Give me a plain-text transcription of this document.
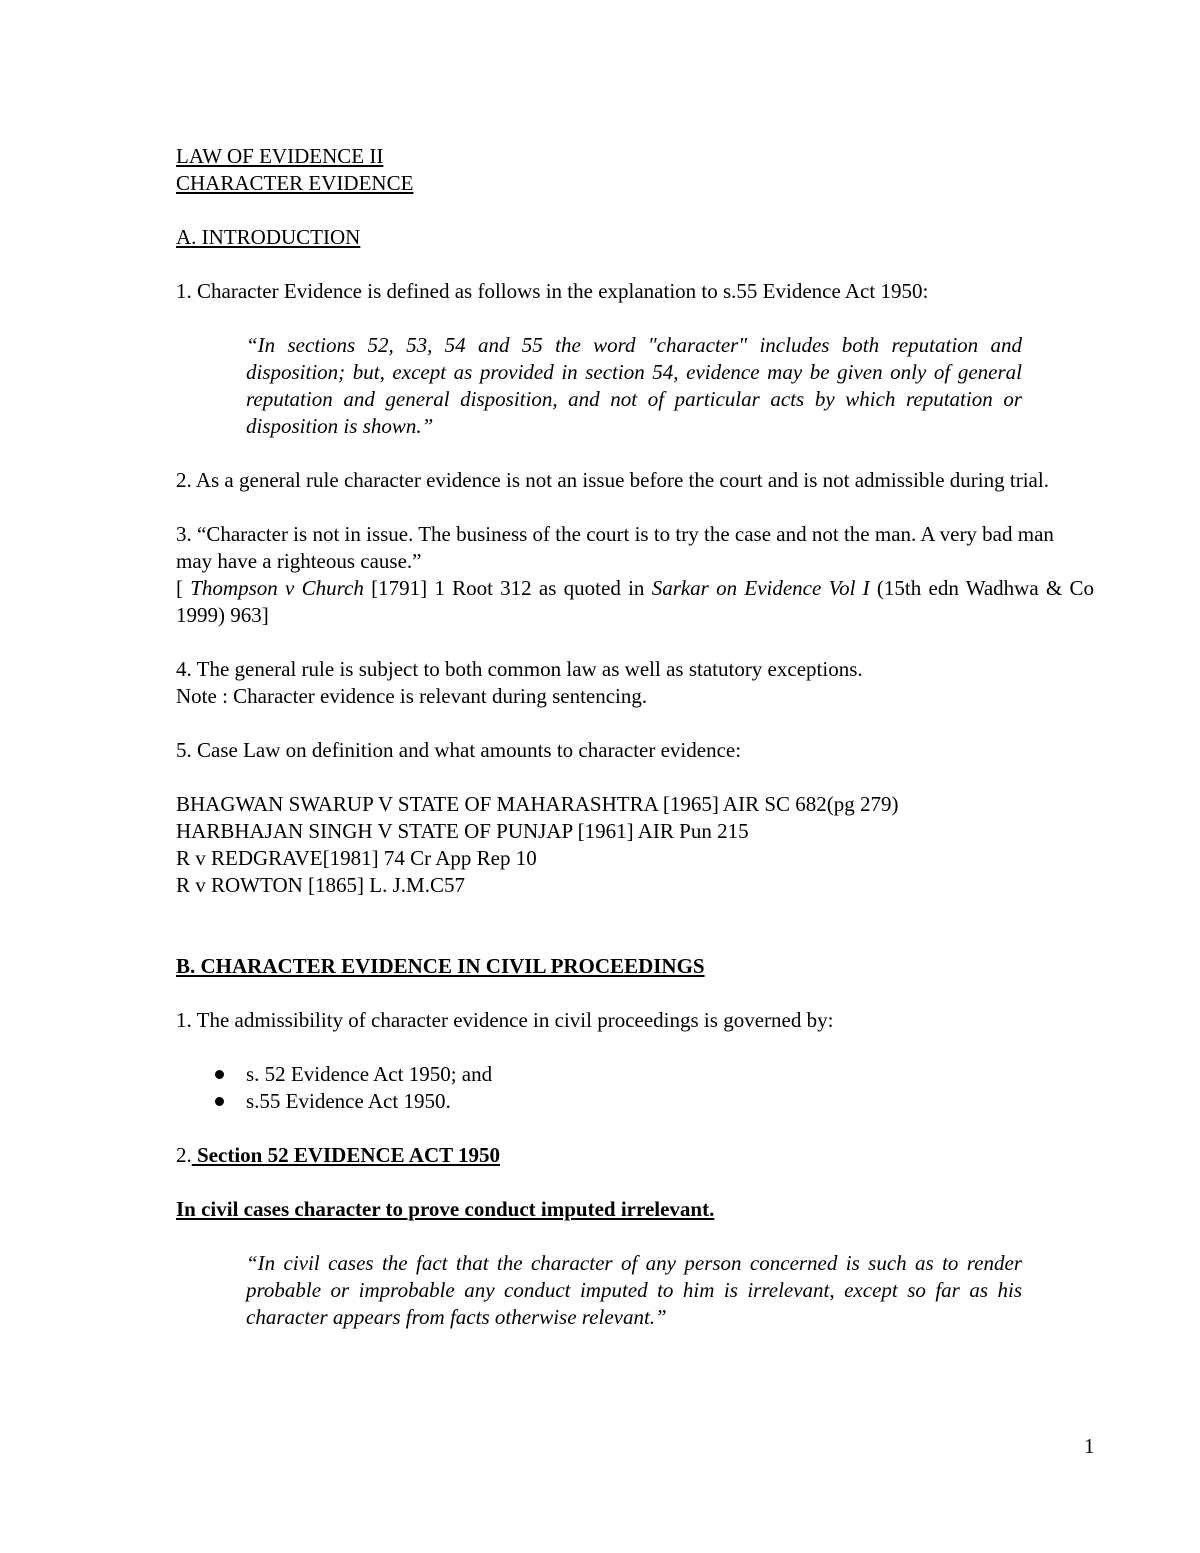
LAW OF EVIDENCE II

CHARACTER EVIDENCE

A. INTRODUCTION

1. Character Evidence is defined as follows in the explanation to s.55 Evidence Act 1950:

“In sections 52, 53, 54 and 55 the word "character" includes both reputation and disposition; but, except as provided in section 54, evidence may be given only of general reputation and general disposition, and not of particular acts by which reputation or disposition is shown.”

2. As a general rule character evidence is not an issue before the court and is not admissible during trial.

3. “Character is not in issue. The business of the court is to try the case and not the man. A very bad man may have a righteous cause.”

[ Thompson v Church [1791] 1 Root 312 as quoted in Sarkar on Evidence Vol I (15th edn Wadhwa & Co 1999) 963]

4. The general rule is subject to both common law as well as statutory exceptions.

Note : Character evidence is relevant during sentencing.

5. Case Law on definition and what amounts to character evidence:

BHAGWAN SWARUP V STATE OF MAHARASHTRA [1965] AIR SC 682(pg 279)

HARBHAJAN SINGH V STATE OF PUNJAP [1961] AIR Pun 215

R v REDGRAVE[1981] 74 Cr App Rep 10

R v ROWTON [1865] L. J.M.C57

B. CHARACTER EVIDENCE IN CIVIL PROCEEDINGS

1. The admissibility of character evidence in civil proceedings is governed by:

s. 52 Evidence Act 1950; and
s.55 Evidence Act 1950.

2. Section 52 EVIDENCE ACT 1950

In civil cases character to prove conduct imputed irrelevant.

“In civil cases the fact that the character of any person concerned is such as to render probable or improbable any conduct imputed to him is irrelevant, except so far as his character appears from facts otherwise relevant.”

1
